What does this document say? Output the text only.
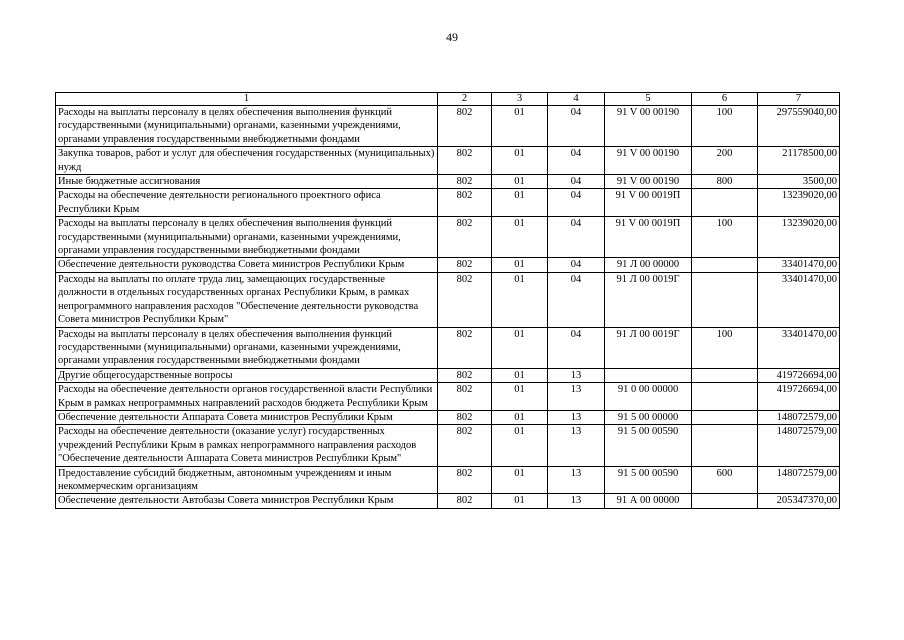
49
1	2	3	4	5	6	7
Расходы на выплаты персоналу в целях обеспечения выполнения функций государственными (муниципальными) органами, казенными учреждениями, органами управления государственными внебюджетными фондами	802	01	04	91 V 00 00190	100	297559040,00
Закупка товаров, работ и услуг для обеспечения государственных (муниципальных) нужд	802	01	04	91 V 00 00190	200	21178500,00
Иные бюджетные ассигнования	802	01	04	91 V 00 00190	800	3500,00
Расходы на обеспечение деятельности регионального проектного офиса Республики Крым	802	01	04	91 V 00 0019П		13239020,00
Расходы на выплаты персоналу в целях обеспечения выполнения функций государственными (муниципальными) органами, казенными учреждениями, органами управления государственными внебюджетными фондами	802	01	04	91 V 00 0019П	100	13239020,00
Обеспечение деятельности руководства Совета министров Республики Крым	802	01	04	91 Л 00 00000		33401470,00
Расходы на выплаты по оплате труда лиц, замещающих государственные должности в отдельных государственных органах Республики Крым, в рамках непрограммного направления расходов "Обеспечение деятельности руководства Совета министров Республики Крым"	802	01	04	91 Л 00 0019Г		33401470,00
Расходы на выплаты персоналу в целях обеспечения выполнения функций государственными (муниципальными) органами, казенными учреждениями, органами управления государственными внебюджетными фондами	802	01	04	91 Л 00 0019Г	100	33401470,00
Другие общегосударственные вопросы	802	01	13			419726694,00
Расходы на обеспечение деятельности органов государственной власти Республики Крым в рамках непрограммных направлений расходов бюджета Республики Крым	802	01	13	91 0 00 00000		419726694,00
Обеспечение деятельности Аппарата Совета министров Республики Крым	802	01	13	91 5 00 00000		148072579,00
Расходы на обеспечение деятельности (оказание услуг) государственных учреждений Республики Крым в рамках непрограммного направления расходов "Обеспечение деятельности Аппарата Совета министров Республики Крым"	802	01	13	91 5 00 00590		148072579,00
Предоставление субсидий бюджетным, автономным учреждениям и иным некоммерческим организациям	802	01	13	91 5 00 00590	600	148072579,00
Обеспечение деятельности Автобазы Совета министров Республики Крым	802	01	13	91 А 00 00000		205347370,00
